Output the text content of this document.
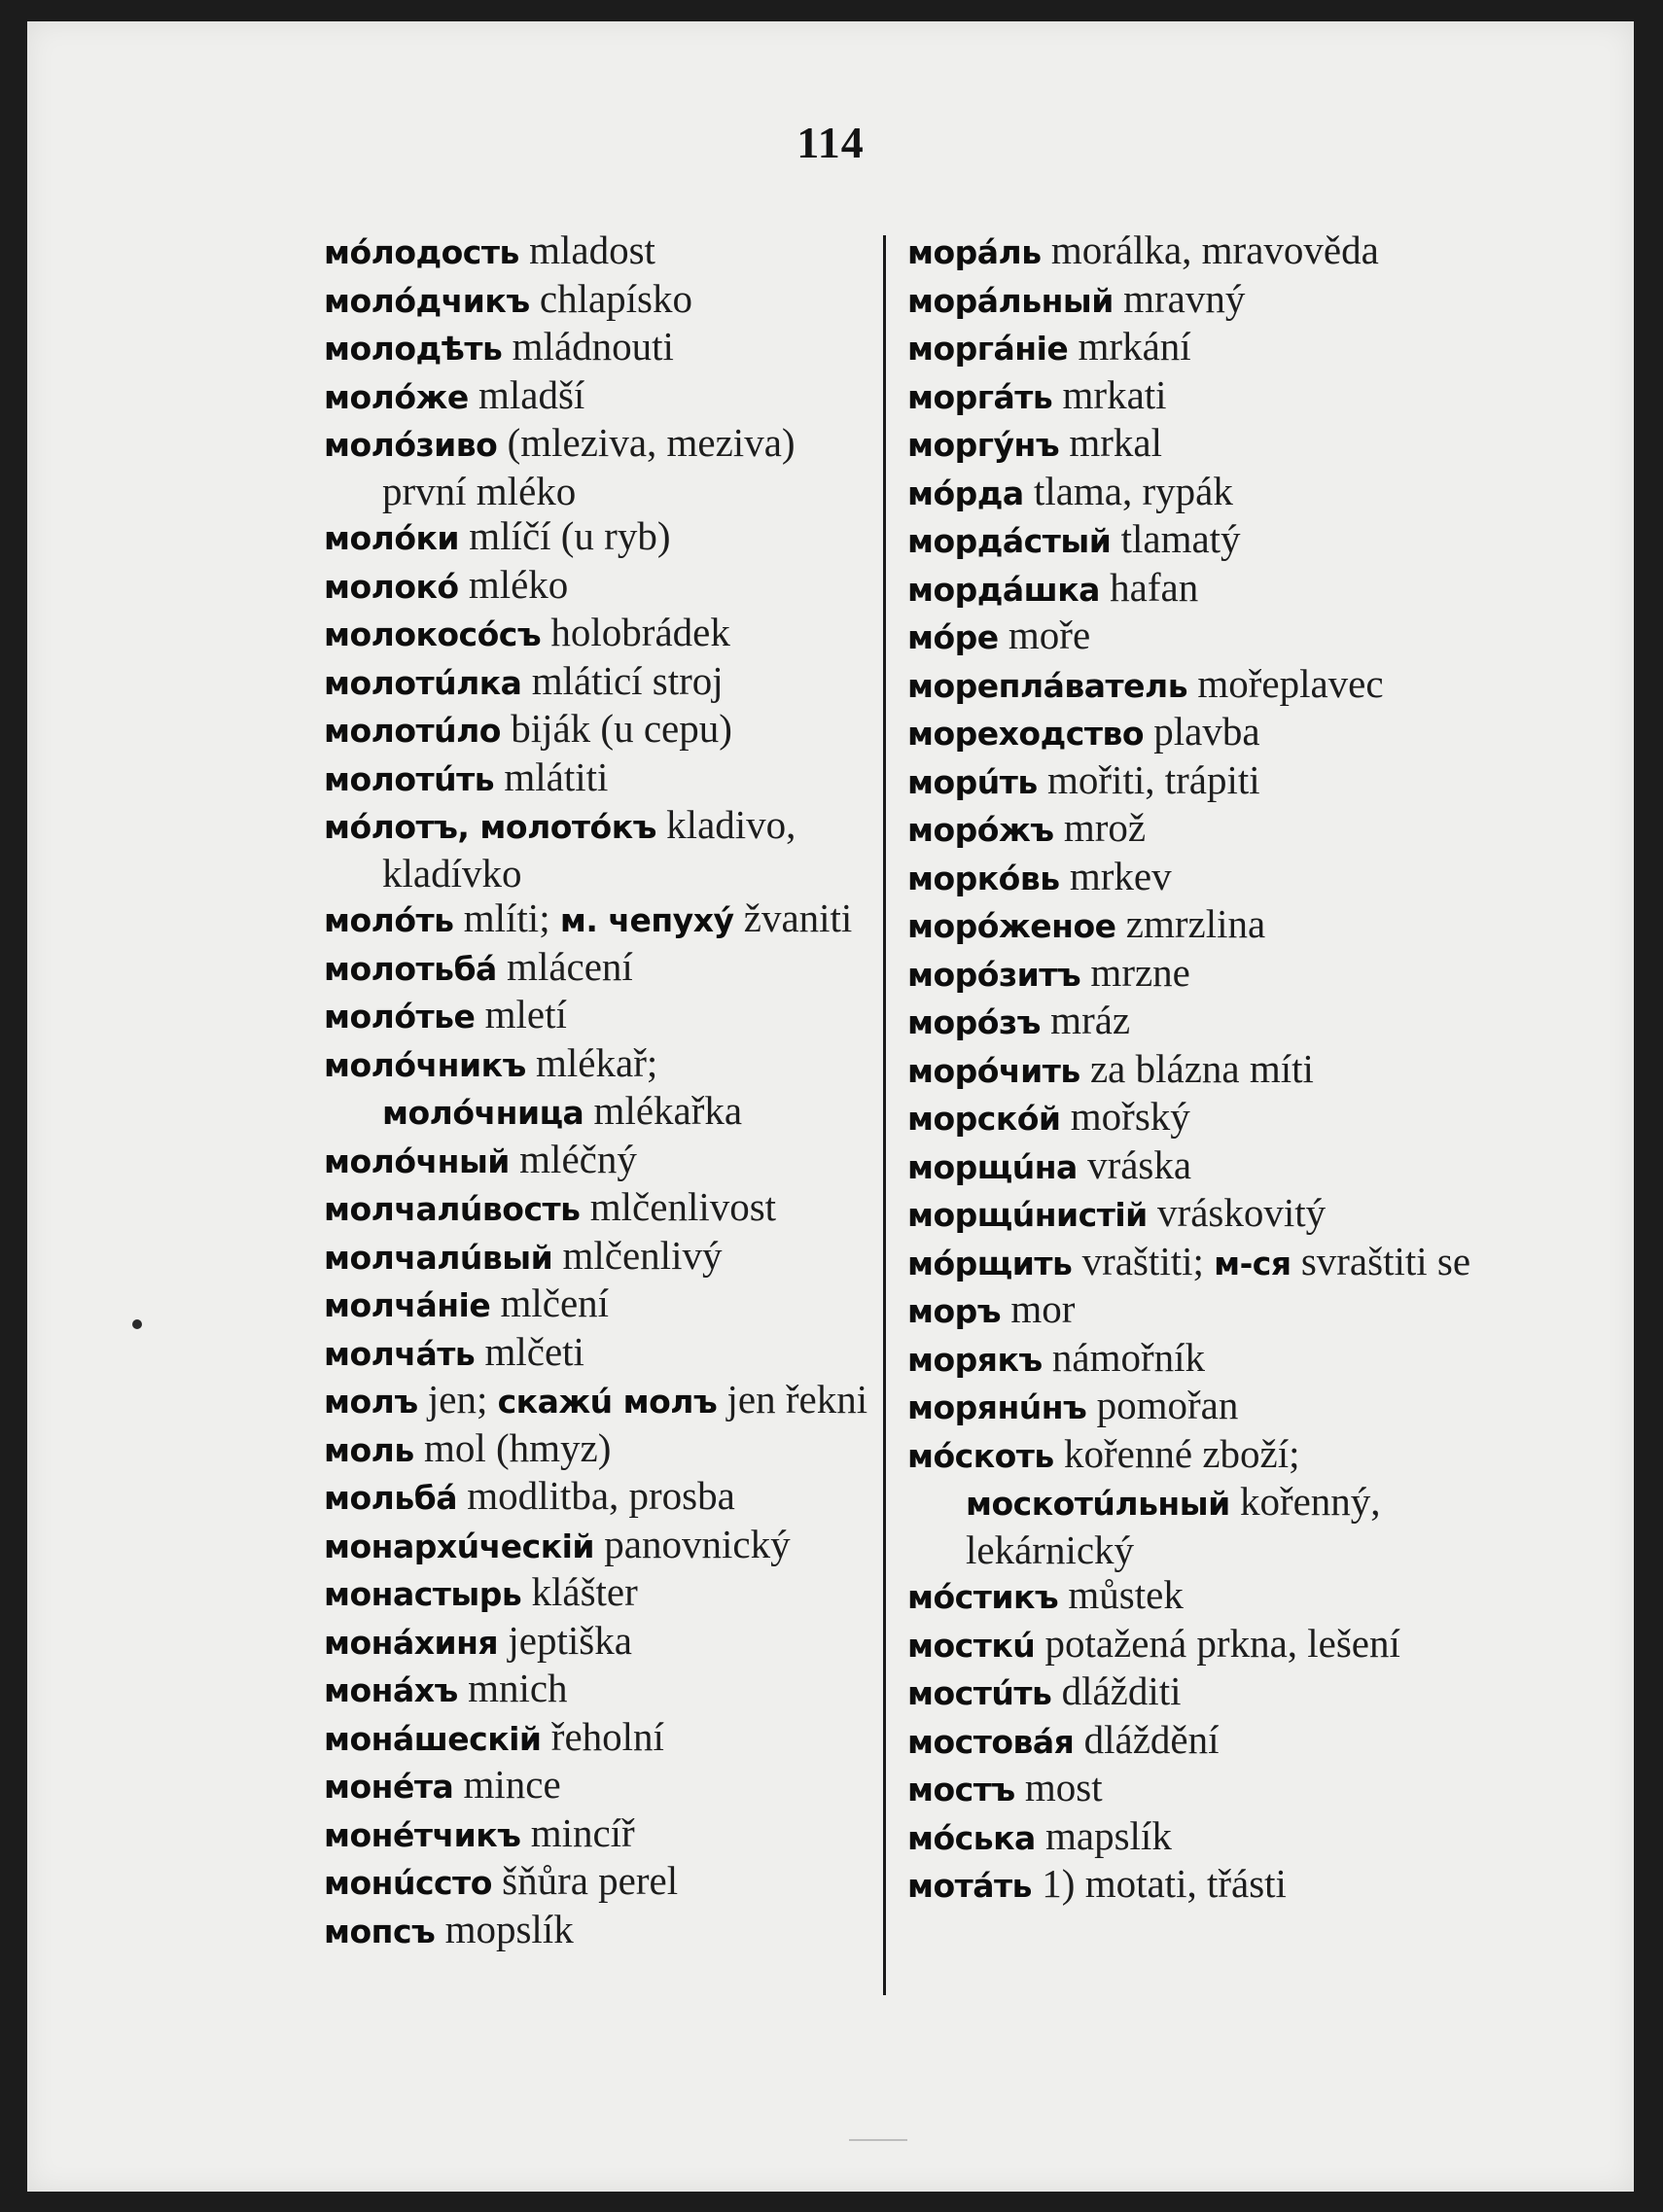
114

мóлодость mladost

молóдчикъ chlapísko

молодѣть mládnouti

молóже mladší

молóзиво (mleziva, meziva) první mléko

молóки mlíčí (u ryb)

молокó mléko

молокосóсъ holobrádek

молотúлка mláticí stroj

молотúло biják (u cepu)

молотúть mlátiti

мóлотъ, молотóкъ kladivo, kladívko

молóть mlíti; м. чепухý žvaniti

молотьбá mlácení

молóтье mletí

молóчникъ mlékař; молóчница mlékařka

молóчный mléčný

молчалúвость mlčenlivost

молчалúвый mlčenlivý

молчáніе mlčení

молчáть mlčeti

молъ jen; скажú молъ jen řekni

моль mol (hmyz)

мольбá modlitba, prosba

монархúческій panovnický

монастырь klášter

монáхиня jeptiška

монáхъ mnich

монáшескій řeholní

монéта mince

монéтчикъ mincíř

монúссто šňůra perel

мопсъ mopslík

морáль morálka, mravověda

морáльный mravný

моргáніе mrkání

моргáть mrkati

моргýнъ mrkal

мóрда tlama, rypák

мордáстый tlamatý

мордáшка hafan

мóре moře

мореплáватель mořeplavec

мореходство plavba

морúть mořiti, trápiti

морóжъ mrož

моркóвь mrkev

морóженое zmrzlina

морóзитъ mrzne

морóзъ mráz

морóчить za blázna míti

морскóй mořský

морщúна vráska

морщúнистій vráskovitý

мóрщить vraštiti; м-ся svraštiti se

моръ mor

морякъ námořník

морянúнъ pomořan

мóскоть kořenné zboží; москотúльный kořenný, lekárnický

мóстикъ můstek

мосткú potažená prkna, lešení

мостúть dlážditi

мостовáя dláždění

мостъ most

мóська mapslík

мотáть 1) motati, třásti
